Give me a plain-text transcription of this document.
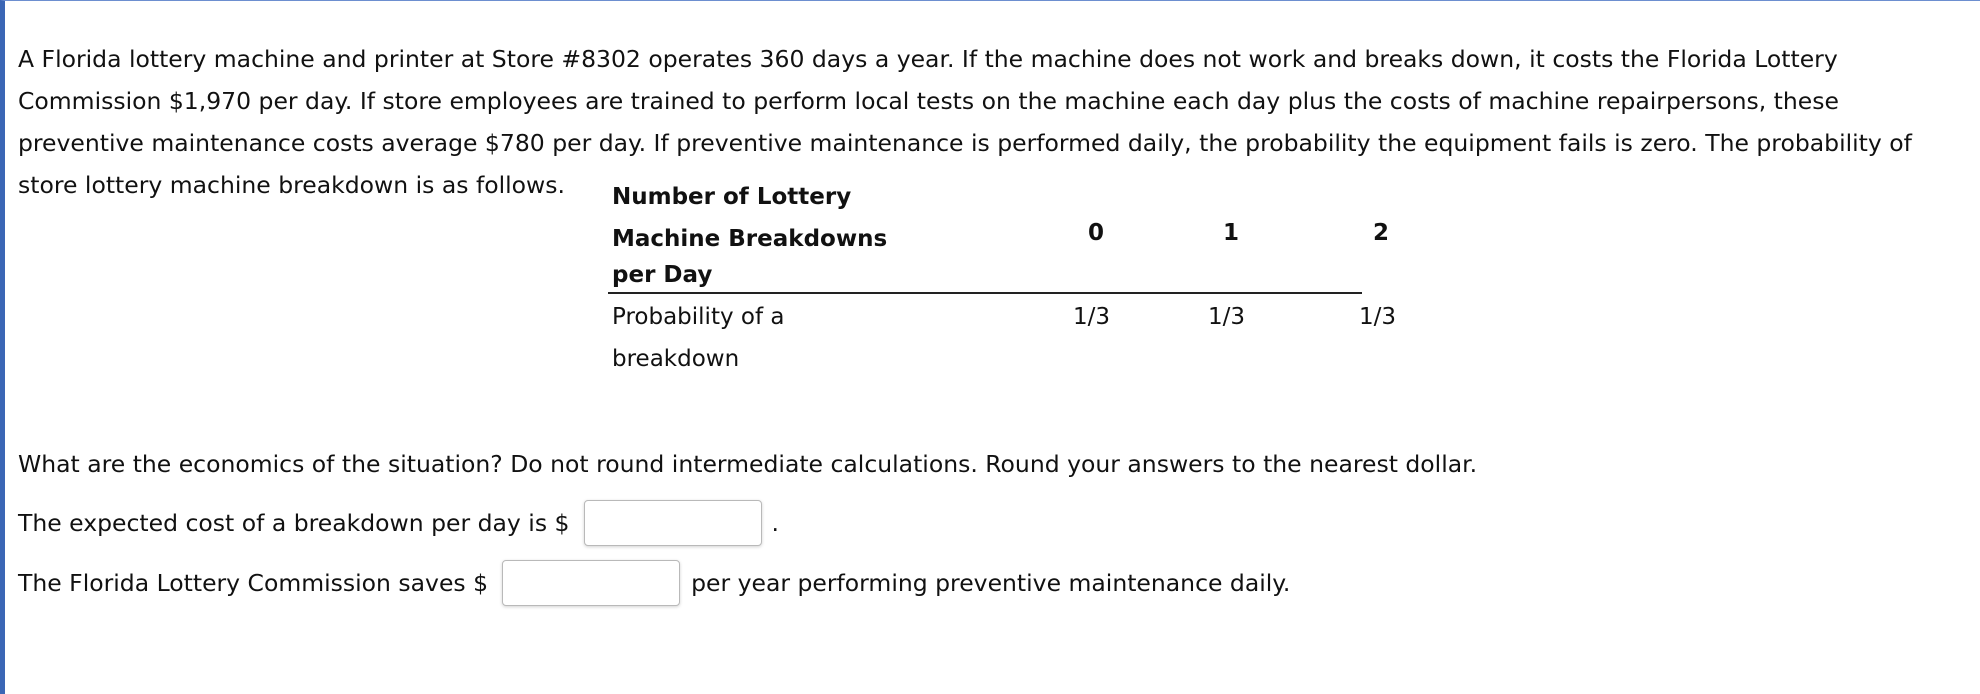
A Florida lottery machine and printer at Store #8302 operates 360 days a year. If the machine does not work and breaks down, it costs the Florida Lottery Commission $1,970 per day. If store employees are trained to perform local tests on the machine each day plus the costs of machine repairpersons, these preventive maintenance costs average $780 per day. If preventive maintenance is performed daily, the probability the equipment fails is zero. The probability of store lottery machine breakdown is as follows.	Number of Lottery
Machine Breakdowns
per Day	0	1	2

Probability of a
breakdown	1/3	1/3	1/3
What are the economics of the situation? Do not round intermediate calculations. Round your answers to the nearest dollar.
The expected cost of a breakdown per day is $	.
The Florida Lottery Commission saves $	per year performing preventive maintenance daily.
